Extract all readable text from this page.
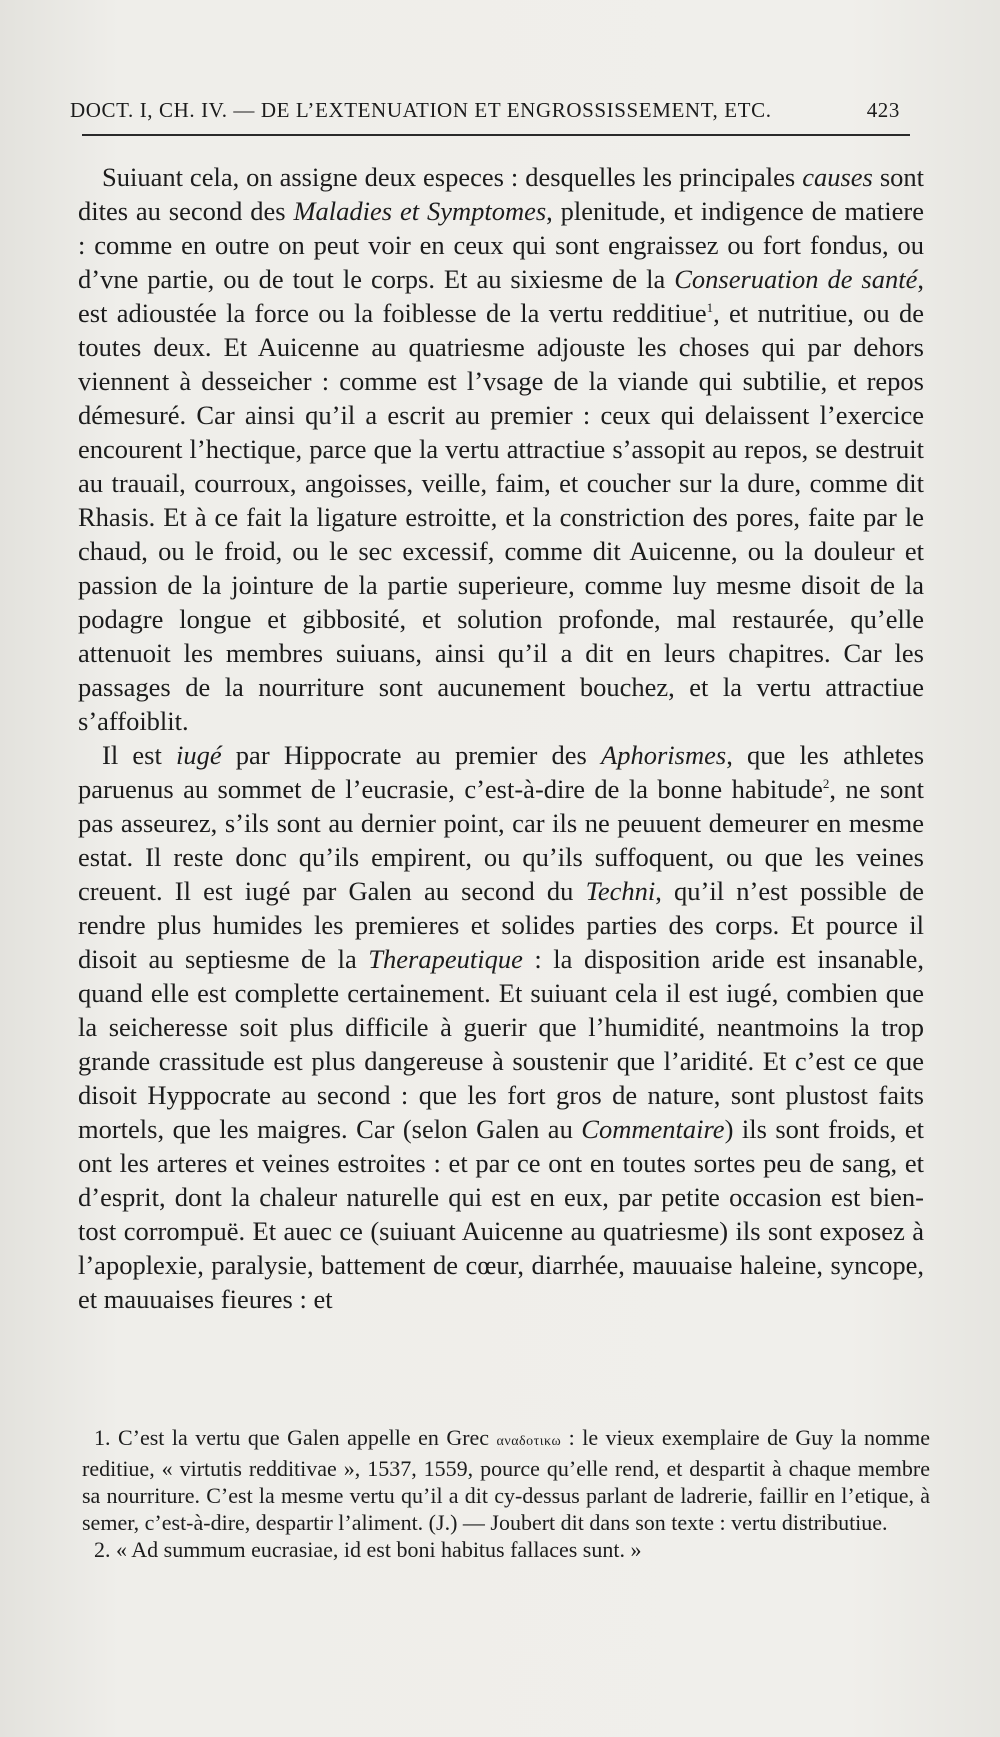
DOCT. I, CH. IV. — DE L’EXTENUATION ET ENGROSSISSEMENT, ETC.	423

Suiuant cela, on assigne deux especes : desquelles les principales causes sont dites au second des Maladies et Symptomes, plenitude, et indigence de matiere : comme en outre on peut voir en ceux qui sont engraissez ou fort fondus, ou d’vne partie, ou de tout le corps. Et au sixiesme de la Conseruation de santé, est adioustée la force ou la foiblesse de la vertu redditiue$^1$, et nutritiue, ou de toutes deux. Et Auicenne au quatriesme adjouste les choses qui par dehors viennent à desseicher : comme est l’vsage de la viande qui subtilie, et repos démesuré. Car ainsi qu’il a escrit au premier : ceux qui delaissent l’exercice encourent l’hectique, parce que la vertu attractiue s’assopit au repos, se destruit au trauail, courroux, angoisses, veille, faim, et coucher sur la dure, comme dit Rhasis. Et à ce fait la ligature estroitte, et la constriction des pores, faite par le chaud, ou le froid, ou le sec excessif, comme dit Auicenne, ou la douleur et passion de la jointure de la partie superieure, comme luy mesme disoit de la podagre longue et gibbosité, et solution profonde, mal restaurée, qu’elle attenuoit les membres suiuans, ainsi qu’il a dit en leurs chapitres. Car les passages de la nourriture sont aucunement bouchez, et la vertu attractiue s’affoiblit.

Il est iugé par Hippocrate au premier des Aphorismes, que les athletes paruenus au sommet de l’eucrasie, c’est-à-dire de la bonne habitude$^2$, ne sont pas asseurez, s’ils sont au dernier point, car ils ne peuuent demeurer en mesme estat. Il reste donc qu’ils empirent, ou qu’ils suffoquent, ou que les veines creuent. Il est iugé par Galen au second du Techni, qu’il n’est possible de rendre plus humides les premieres et solides parties des corps. Et pource il disoit au septiesme de la Therapeutique : la disposition aride est insanable, quand elle est complette certainement. Et suiuant cela il est iugé, combien que la seicheresse soit plus difficile à guerir que l’humidité, neantmoins la trop grande crassitude est plus dangereuse à soustenir que l’aridité. Et c’est ce que disoit Hyppocrate au second : que les fort gros de nature, sont plustost faits mortels, que les maigres. Car (selon Galen au Commentaire) ils sont froids, et ont les arteres et veines estroites : et par ce ont en toutes sortes peu de sang, et d’esprit, dont la chaleur naturelle qui est en eux, par petite occasion est bien-tost corrompuë. Et auec ce (suiuant Auicenne au quatriesme) ils sont exposez à l’apoplexie, paralysie, battement de cœur, diarrhée, mauuaise haleine, syncope, et mauuaises fieures : et

1. C’est la vertu que Galen appelle en Grec αναδοτικω : le vieux exemplaire de Guy la nomme reditiue, « virtutis redditivae », 1537, 1559, pource qu’elle rend, et despartit à chaque membre sa nourriture. C’est la mesme vertu qu’il a dit cy-dessus parlant de ladrerie, faillir en l’etique, à semer, c’est-à-dire, despartir l’aliment. (J.) — Joubert dit dans son texte : vertu distributiue.

2. « Ad summum eucrasiae, id est boni habitus fallaces sunt. »
